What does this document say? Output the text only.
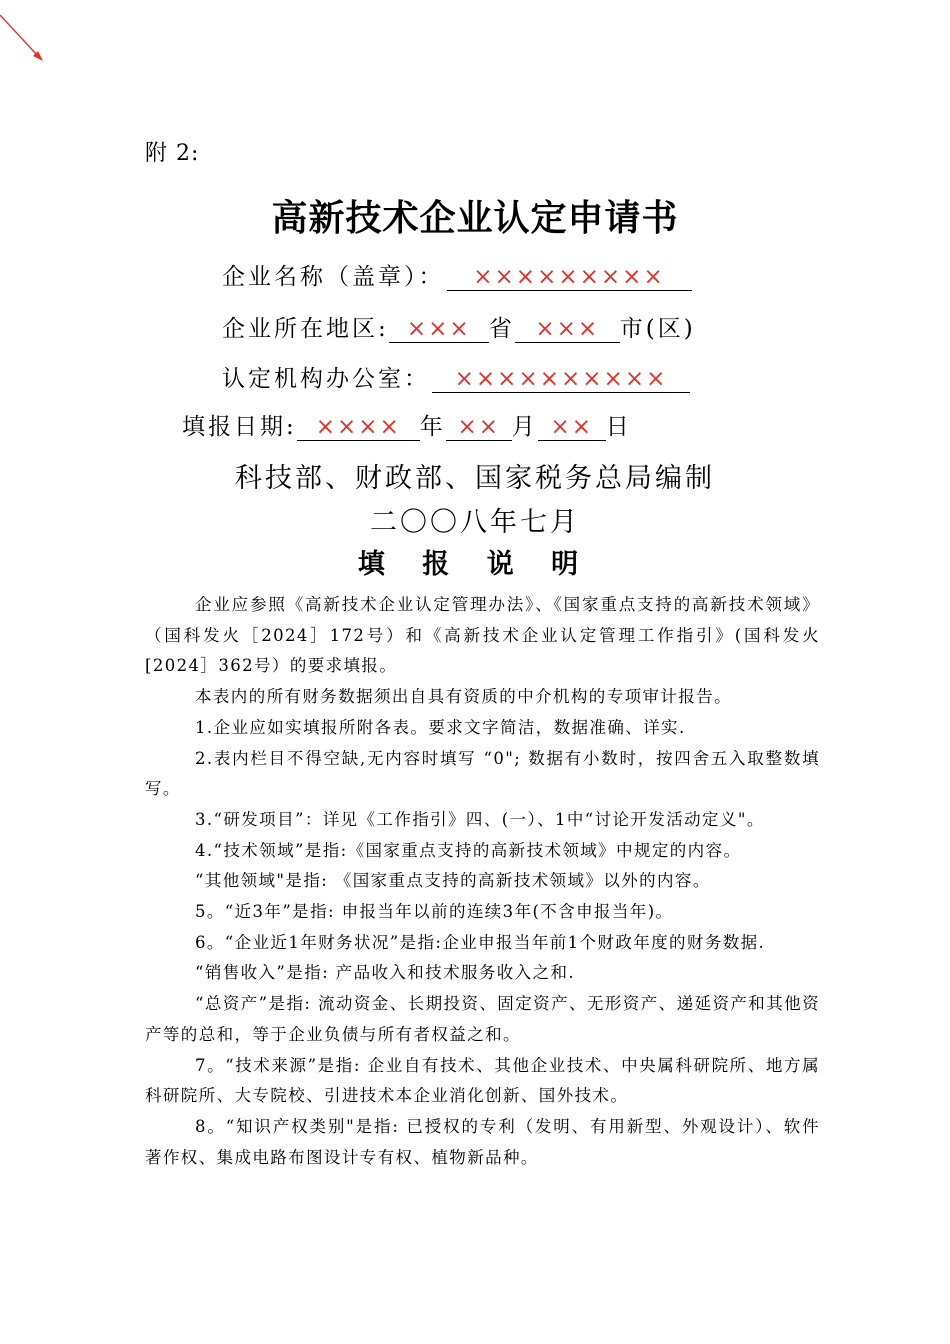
附 2:
高新技术企业认定申请书
企业名称（盖章）： ×××××××××
企业所在地区: ××× 省 ××× 市(区)
认定机构办公室： ××××××××××
填报日期: ×××× 年 ×× 月 ×× 日
科技部、财政部、国家税务总局编制
二〇〇八年七月
填 报 说 明

企业应参照《高新技术企业认定管理办法》、《国家重点支持的高新技术领域》（国科发火［2024］172号）和《高新技术企业认定管理工作指引》(国科发火[2024］362号）的要求填报。

本表内的所有财务数据须出自具有资质的中介机构的专项审计报告。

1.企业应如实填报所附各表。要求文字简洁，数据准确、详实.

2.表内栏目不得空缺,无内容时填写 “0"; 数据有小数时，按四舍五入取整数填写。

3.“研发项目”：详见《工作指引》四、(一）、1中“讨论开发活动定义"。

4.“技术领域”是指:《国家重点支持的高新技术领域》中规定的内容。

“其他领域"是指: 《国家重点支持的高新技术领域》以外的内容。

5。“近3年”是指: 申报当年以前的连续3年(不含申报当年)。

6。“企业近1年财务状况”是指:企业申报当年前1个财政年度的财务数据.

“销售收入”是指: 产品收入和技术服务收入之和.

“总资产”是指: 流动资金、长期投资、固定资产、无形资产、递延资产和其他资产等的总和，等于企业负债与所有者权益之和。

7。“技术来源”是指: 企业自有技术、其他企业技术、中央属科研院所、地方属科研院所、大专院校、引进技术本企业消化创新、国外技术。

8。“知识产权类别"是指: 已授权的专利（发明、有用新型、外观设计）、软件著作权、集成电路布图设计专有权、植物新品种。
